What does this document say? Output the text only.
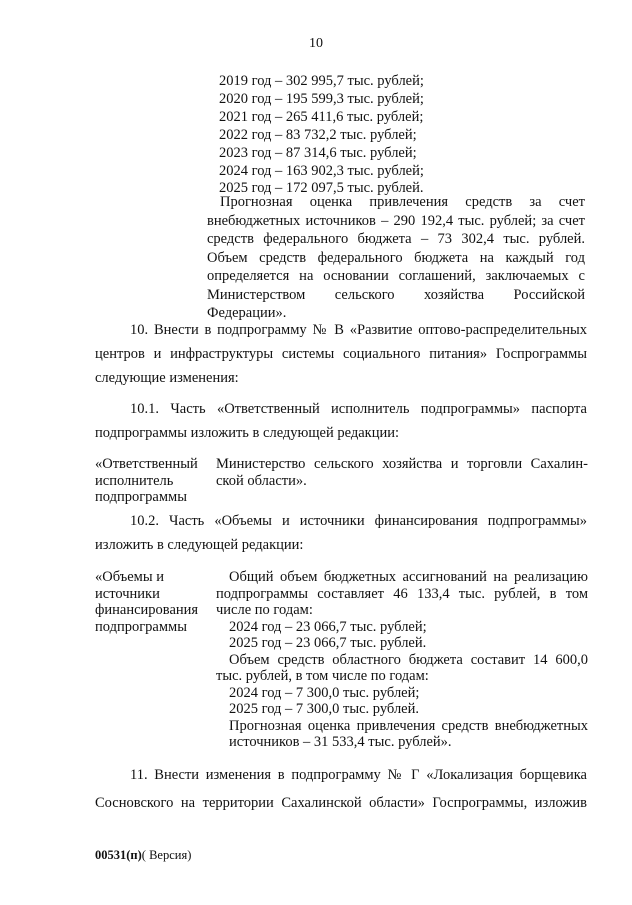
10
2019 год – 302 995,7 тыс. рублей;
2020 год – 195 599,3 тыс. рублей;
2021 год – 265 411,6 тыс. рублей;
2022 год – 83 732,2 тыс. рублей;
2023 год – 87 314,6 тыс. рублей;
2024 год – 163 902,3 тыс. рублей;
2025 год – 172 097,5 тыс. рублей.
Прогнозная оценка привлечения средств за счет
внебюджетных источников – 290 192,4 тыс. рублей; за счет
средств федерального бюджета – 73 302,4 тыс. рублей.
Объем средств федерального бюджета на каждый год
определяется на основании соглашений, заключаемых с
Министерством сельского хозяйства Российской
Федерации».
10. Внести в подпрограмму № В «Развитие оптово-распределительных
центров и инфраструктуры системы социального питания» Госпрограммы
следующие изменения:
10.1. Часть «Ответственный исполнитель подпрограммы» паспорта
подпрограммы изложить в следующей редакции:
«Ответственный исполнитель подпрограммы
Министерство сельского хозяйства и торговли Сахалин-
ской области».
10.2. Часть «Объемы и источники финансирования подпрограммы»
изложить в следующей редакции:
«Объемы и источники финансирования подпрограммы
Общий объем бюджетных ассигнований на реализацию
подпрограммы составляет 46 133,4 тыс. рублей, в том
числе по годам:
2024 год – 23 066,7 тыс. рублей;
2025 год – 23 066,7 тыс. рублей.
Объем средств областного бюджета составит 14 600,0
тыс. рублей, в том числе по годам:
2024 год – 7 300,0 тыс. рублей;
2025 год – 7 300,0 тыс. рублей.
Прогнозная оценка привлечения средств внебюджетных
источников – 31 533,4 тыс. рублей».
11. Внести изменения в подпрограмму № Г «Локализация борщевика
Сосновского на территории Сахалинской области» Госпрограммы, изложив
00531(п)( Версия)
